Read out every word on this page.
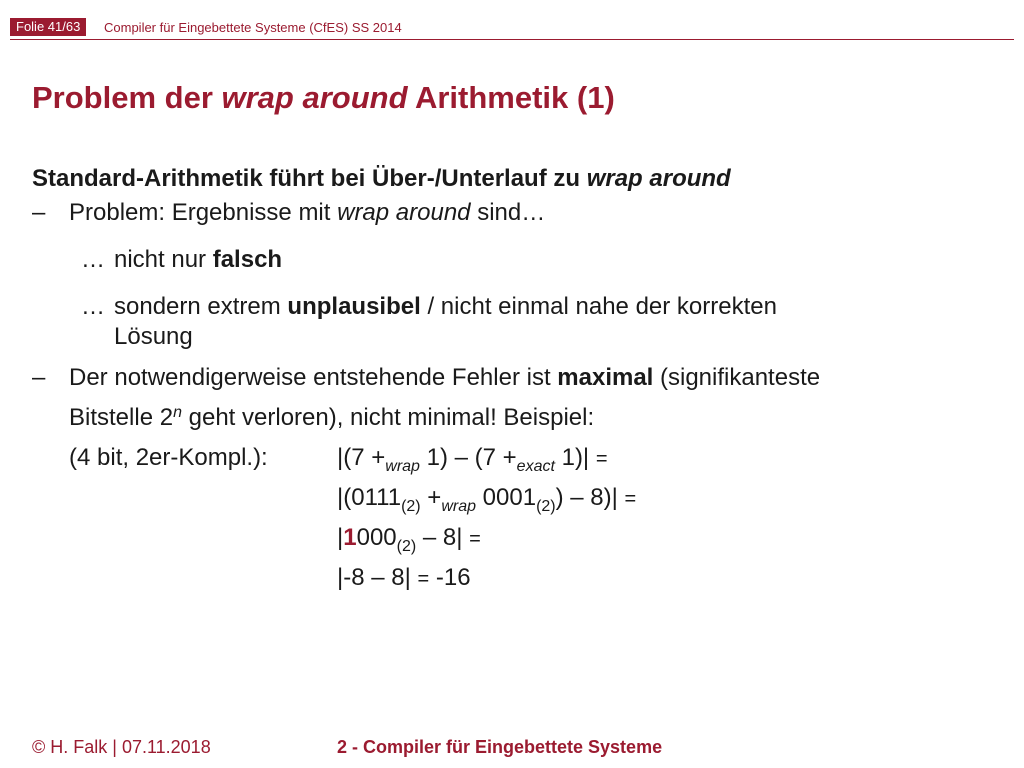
Folie 41/63	Compiler für Eingebettete Systeme (CfES) SS 2014
Problem der wrap around Arithmetik (1)

Standard-Arithmetik führt bei Über-/Unterlauf zu wrap around

– Problem: Ergebnisse mit wrap around sind…
… nicht nur falsch
… sondern extrem unplausibel / nicht einmal nahe der korrekten
Lösung
– Der notwendigerweise entstehende Fehler ist maximal (signifikanteste
Bitstelle 2$^n$ geht verloren), nicht minimal! Beispiel:
(4 bit, 2er-Kompl.):	$|(7 +_{wrap}$ $1) - (7 +_{exact}$ 1)| =
$|(0111_{(2)} +_{wrap}$ $0001_{(2)}) - 8)|$ =
$|1000_{(2)} - 8|$ =
|-8 – 8| = -16
© H. Falk | 07.11.2018	2 - Compiler für Eingebettete Systeme
